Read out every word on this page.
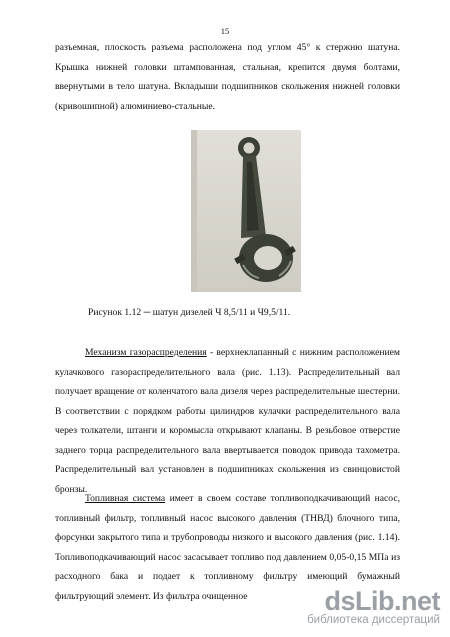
15

разъемная, плоскость разъема расположена под углом 45° к стержню шатуна. Крышка нижней головки штампованная, стальная, крепится двумя болтами, ввернутыми в тело шатуна. Вкладыши подшипников скольжения нижней головки (кривошипной) алюминиево-стальные.

Рисунок 1.12 ─ шатун дизелей Ч 8,5/11 и Ч9,5/11.

Механизм газораспределения - верхнеклапанный с нижним расположением кулачкового газораспределительного вала (рис. 1.13). Распределительный вал получает вращение от коленчатого вала дизеля через распределительные шестерни. В соответствии с порядком работы цилиндров кулачки распределительного вала через толкатели, штанги и коромысла открывают клапаны. В резьбовое отверстие заднего торца распределительного вала ввертывается поводок привода тахометра. Распределительный вал установлен в подшипниках скольжения из свинцовистой бронзы.

Топливная система имеет в своем составе топливоподкачивающий насос, топливный фильтр, топливный насос высокого давления (ТНВД) блочного типа, форсунки закрытого типа и трубопроводы низкого и высокого давления (рис. 1.14). Топливоподкачивающий насос засасывает топливо под давлением 0,05-0,15 МПа из расходного бака и подает к топливному фильтру имеющий бумажный фильтрующий элемент. Из фильтра очищенное	dsLib.net
библиотека диссертаций
